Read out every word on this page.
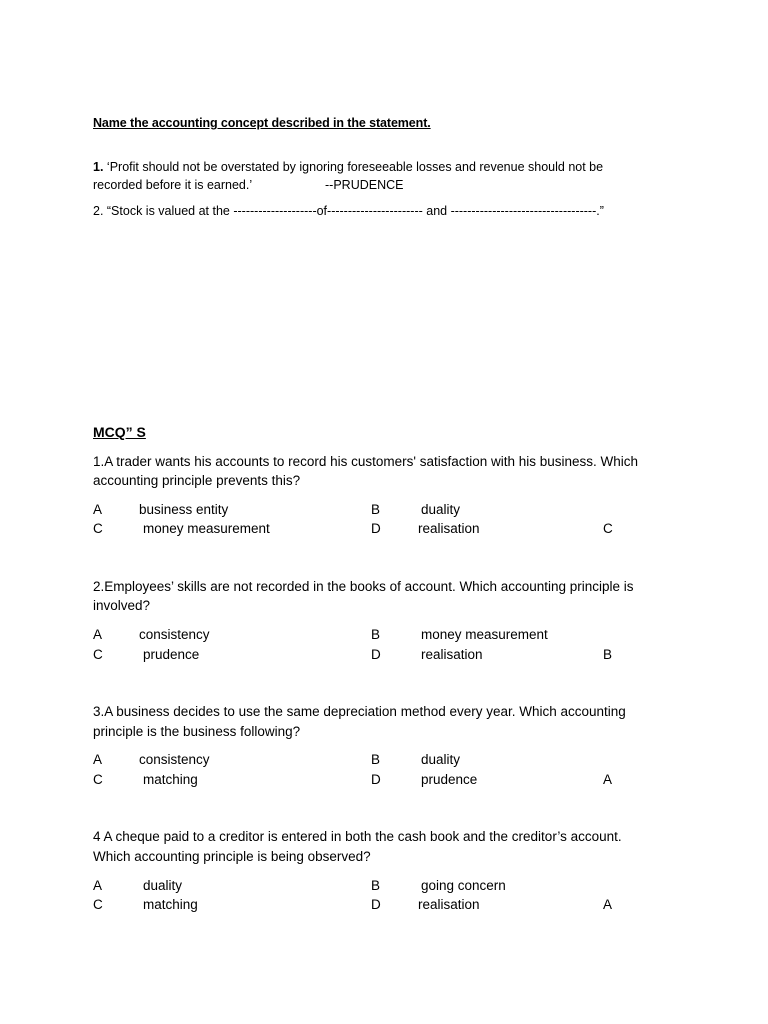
Name the accounting concept described in the statement.
1. ‘Profit should not be overstated by ignoring foreseeable losses and revenue should not be
recorded before it is earned.’	--PRUDENCE
2. “Stock is valued at the --------------------of----------------------- and -----------------------------------.”
MCQ” S
1.A trader wants his accounts to record his customers' satisfaction with his business. Which
accounting principle prevents this?
A	business entity	B	duality
C	money measurement	D	realisation	C
2.Employees’ skills are not recorded in the books of account. Which accounting principle is
involved?
A	consistency	B	money measurement
C	prudence	D	realisation	B
3.A business decides to use the same depreciation method every year. Which accounting
principle is the business following?
A	consistency	B	duality
C	matching	D	prudence	A
4 A cheque paid to a creditor is entered in both the cash book and the creditor’s account.
Which accounting principle is being observed?
A	duality	B	going concern
C	matching	D	realisation	A
